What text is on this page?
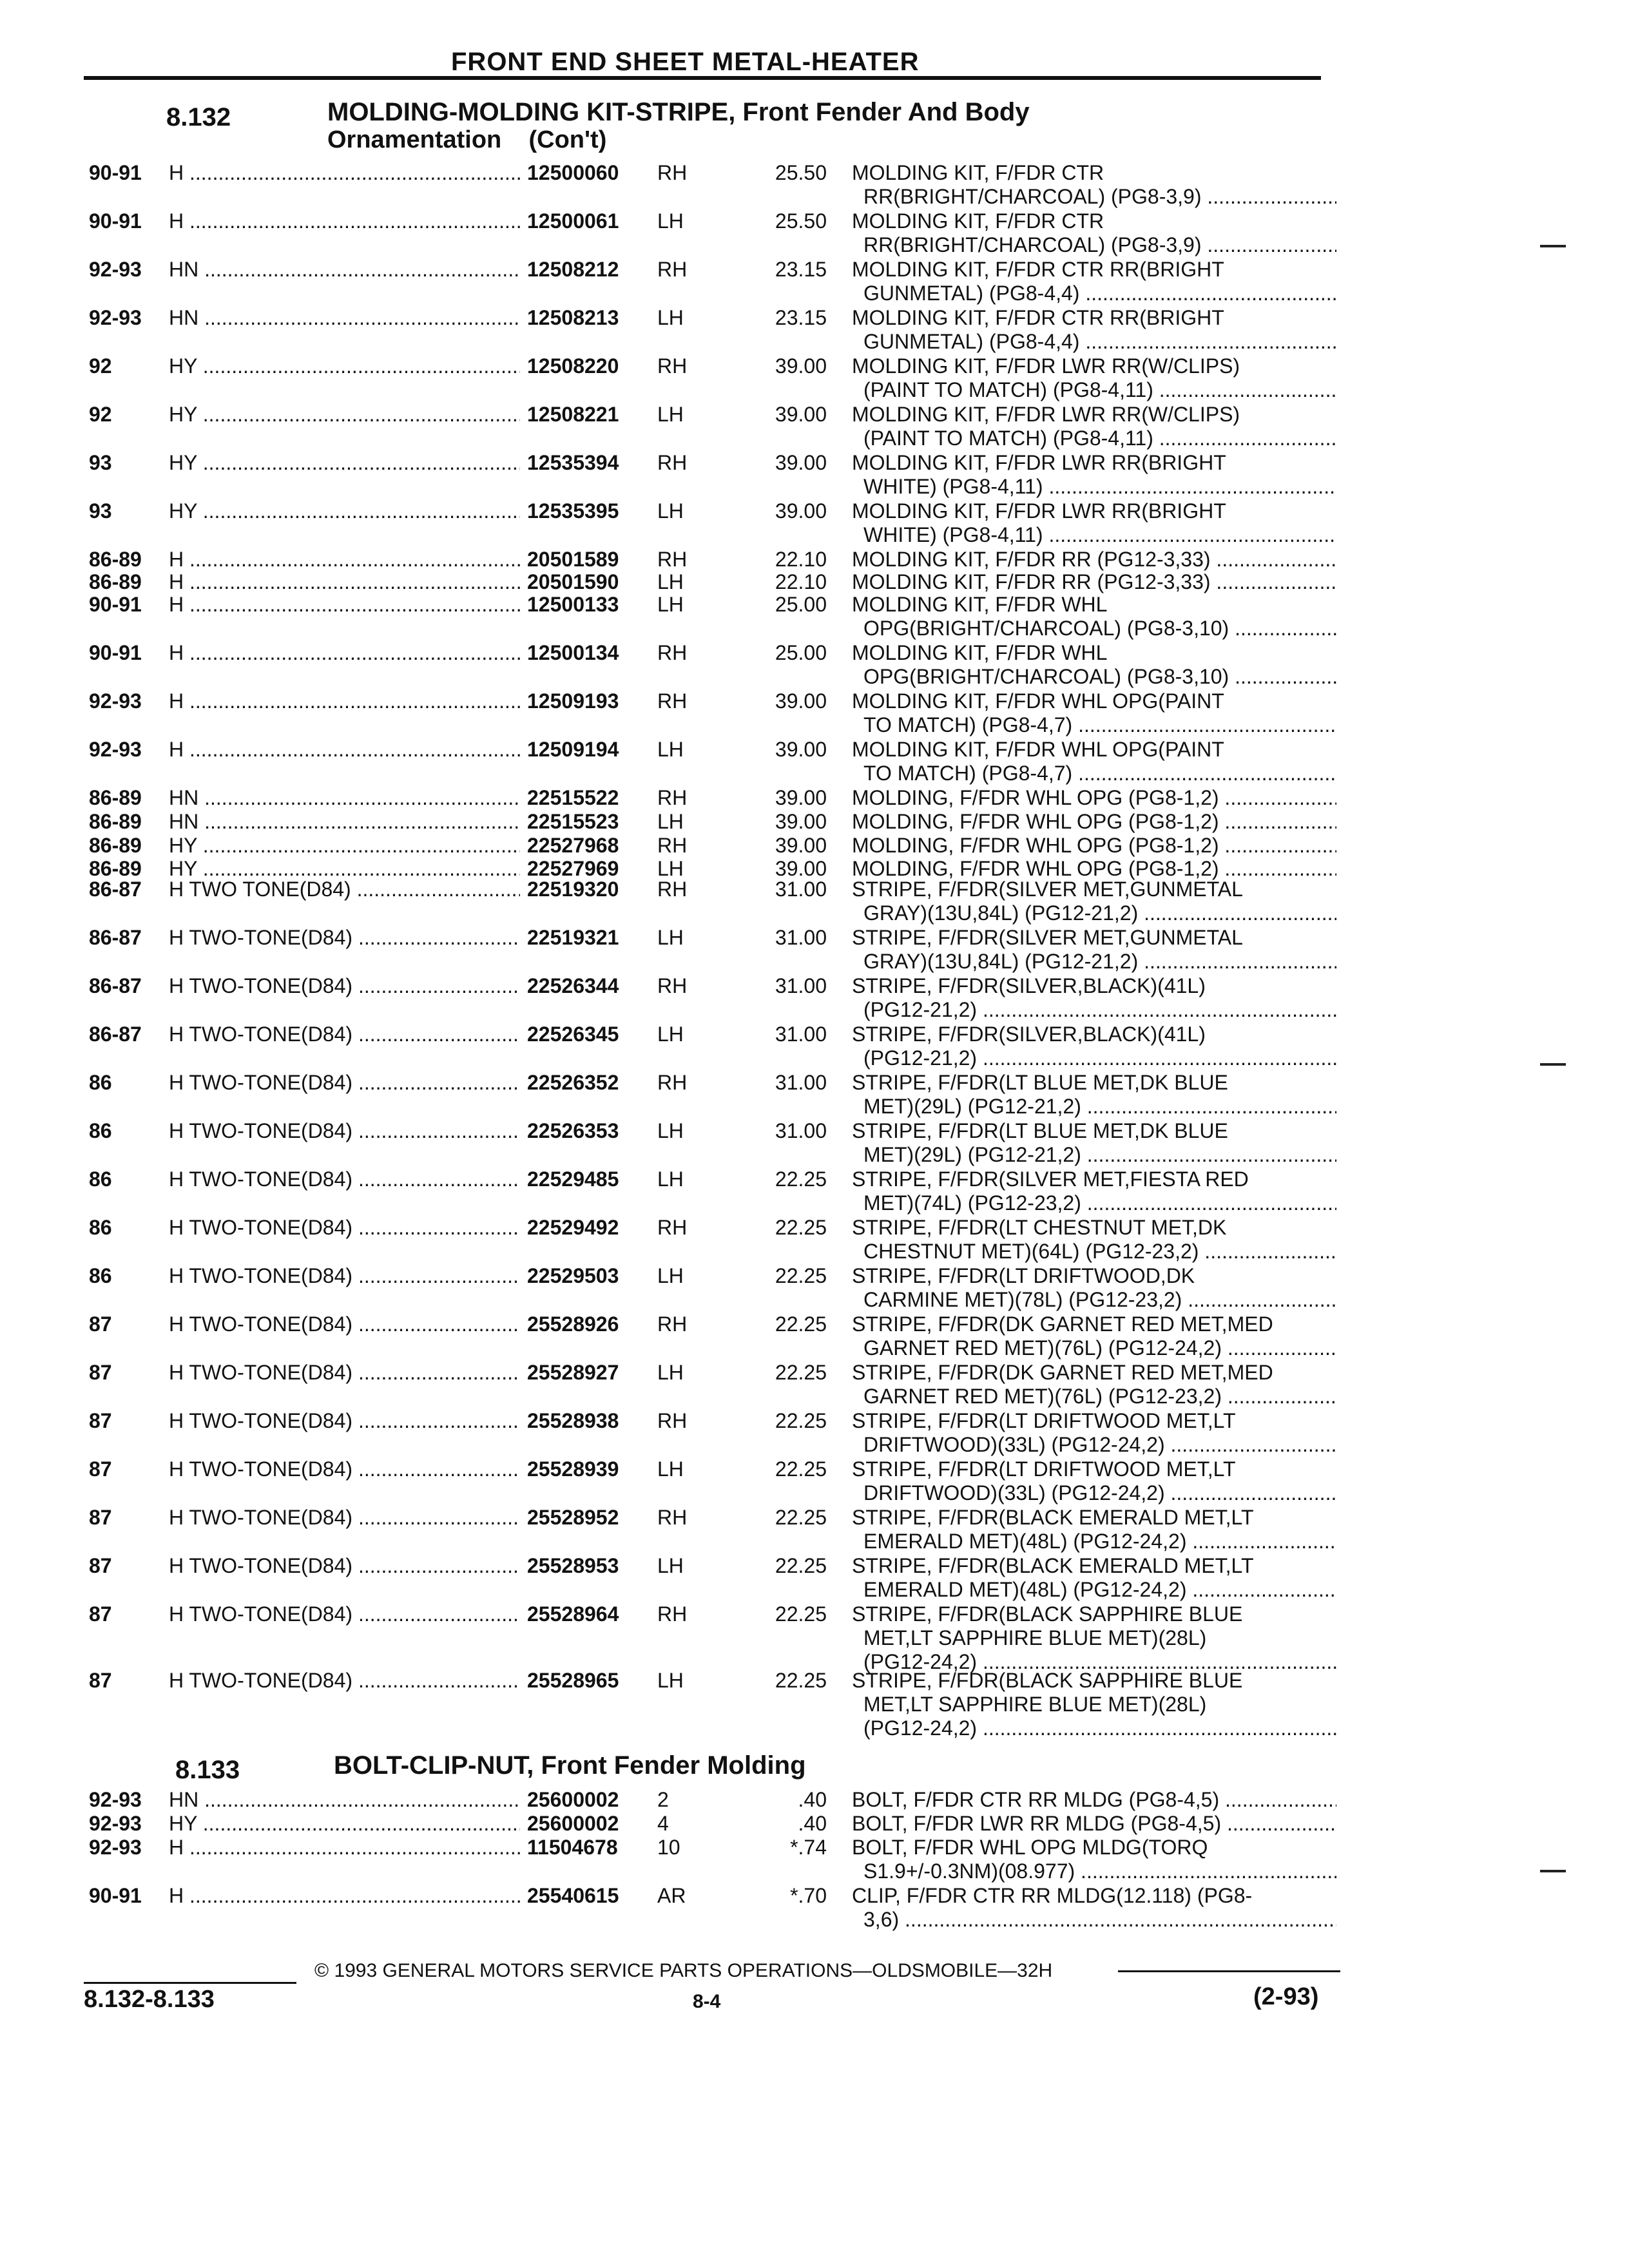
FRONT END SHEET METAL-HEATER
8.132	MOLDING-MOLDING KIT-STRIPE, Front Fender And Body
Ornamentation    (Con't)
90-91 H .....	12500060 RH	25.50 MOLDING KIT, F/FDR CTR
RR(BRIGHT/CHARCOAL) (PG8-3,9) .....
90-91 H .....	12500061 LH	25.50 MOLDING KIT, F/FDR CTR
RR(BRIGHT/CHARCOAL) (PG8-3,9) .....
92-93 HN .....	12508212 RH	23.15 MOLDING KIT, F/FDR CTR RR(BRIGHT
GUNMETAL) (PG8-4,4) .....
92-93 HN .....	12508213 LH	23.15 MOLDING KIT, F/FDR CTR RR(BRIGHT
GUNMETAL) (PG8-4,4) .....
92	HY .....	12508220 RH	39.00 MOLDING KIT, F/FDR LWR RR(W/CLIPS)
(PAINT TO MATCH) (PG8-4,11) .....
92	HY .....	12508221 LH	39.00 MOLDING KIT, F/FDR LWR RR(W/CLIPS)
(PAINT TO MATCH) (PG8-4,11) .....
93	HY .....	12535394 RH	39.00 MOLDING KIT, F/FDR LWR RR(BRIGHT
WHITE) (PG8-4,11) .....
93	HY .....	12535395 LH	39.00 MOLDING KIT, F/FDR LWR RR(BRIGHT
WHITE) (PG8-4,11) .....
86-89 H .....	20501589 RH	22.10 MOLDING KIT, F/FDR RR (PG12-3,33) .....
86-89 H .....	20501590 LH	22.10 MOLDING KIT, F/FDR RR (PG12-3,33) .....
90-91 H .....	12500133 LH	25.00 MOLDING KIT, F/FDR WHL
OPG(BRIGHT/CHARCOAL) (PG8-3,10) .....
90-91 H .....	12500134 RH	25.00 MOLDING KIT, F/FDR WHL
OPG(BRIGHT/CHARCOAL) (PG8-3,10) .....
92-93 H .....	12509193 RH	39.00 MOLDING KIT, F/FDR WHL OPG(PAINT
TO MATCH) (PG8-4,7) .....
92-93 H .....	12509194 LH	39.00 MOLDING KIT, F/FDR WHL OPG(PAINT
TO MATCH) (PG8-4,7) .....
86-89 HN .....	22515522 RH	39.00 MOLDING, F/FDR WHL OPG (PG8-1,2) .....
86-89 HN .....	22515523 LH	39.00 MOLDING, F/FDR WHL OPG (PG8-1,2) .....
86-89 HY .....	22527968 RH	39.00 MOLDING, F/FDR WHL OPG (PG8-1,2) .....
86-89 HY .....	22527969 LH	39.00 MOLDING, F/FDR WHL OPG (PG8-1,2) .....
86-87 H TWO TONE(D84) .....	22519320 RH	31.00 STRIPE, F/FDR(SILVER MET,GUNMETAL
GRAY)(13U,84L) (PG12-21,2) .....
86-87 H TWO-TONE(D84) .....	22519321 LH	31.00 STRIPE, F/FDR(SILVER MET,GUNMETAL
GRAY)(13U,84L) (PG12-21,2) .....
86-87 H TWO-TONE(D84) .....	22526344 RH	31.00 STRIPE, F/FDR(SILVER,BLACK)(41L)
(PG12-21,2) .....
86-87 H TWO-TONE(D84) .....	22526345 LH	31.00 STRIPE, F/FDR(SILVER,BLACK)(41L)
(PG12-21,2) .....
86	H TWO-TONE(D84) .....	22526352 RH	31.00 STRIPE, F/FDR(LT BLUE MET,DK BLUE
MET)(29L) (PG12-21,2) .....
86	H TWO-TONE(D84) .....	22526353 LH	31.00 STRIPE, F/FDR(LT BLUE MET,DK BLUE
MET)(29L) (PG12-21,2) .....
86	H TWO-TONE(D84) .....	22529485 LH	22.25 STRIPE, F/FDR(SILVER MET,FIESTA RED
MET)(74L) (PG12-23,2) .....
86	H TWO-TONE(D84) .....	22529492 RH	22.25 STRIPE, F/FDR(LT CHESTNUT MET,DK
CHESTNUT MET)(64L) (PG12-23,2) .....
86	H TWO-TONE(D84) .....	22529503 LH	22.25 STRIPE, F/FDR(LT DRIFTWOOD,DK
CARMINE MET)(78L) (PG12-23,2) .....
87	H TWO-TONE(D84) .....	25528926 RH	22.25 STRIPE, F/FDR(DK GARNET RED MET,MED
GARNET RED MET)(76L) (PG12-24,2) .....
87	H TWO-TONE(D84) .....	25528927 LH	22.25 STRIPE, F/FDR(DK GARNET RED MET,MED
GARNET RED MET)(76L) (PG12-23,2) .....
87	H TWO-TONE(D84) .....	25528938 RH	22.25 STRIPE, F/FDR(LT DRIFTWOOD MET,LT
DRIFTWOOD)(33L) (PG12-24,2) .....
87	H TWO-TONE(D84) .....	25528939 LH	22.25 STRIPE, F/FDR(LT DRIFTWOOD MET,LT
DRIFTWOOD)(33L) (PG12-24,2) .....
87	H TWO-TONE(D84) .....	25528952 RH	22.25 STRIPE, F/FDR(BLACK EMERALD MET,LT
EMERALD MET)(48L) (PG12-24,2) .....
87	H TWO-TONE(D84) .....	25528953 LH	22.25 STRIPE, F/FDR(BLACK EMERALD MET,LT
EMERALD MET)(48L) (PG12-24,2) .....
87	H TWO-TONE(D84) .....	25528964 RH	22.25 STRIPE, F/FDR(BLACK SAPPHIRE BLUE
MET,LT SAPPHIRE BLUE MET)(28L)
(PG12-24,2) .....
87	H TWO-TONE(D84) .....	25528965 LH	22.25 STRIPE, F/FDR(BLACK SAPPHIRE BLUE
MET,LT SAPPHIRE BLUE MET)(28L)
(PG12-24,2) .....
8.133	BOLT-CLIP-NUT, Front Fender Molding
92-93 HN .....	25600002 2	.40 BOLT, F/FDR CTR RR MLDG (PG8-4,5) .....
92-93 HY .....	25600002 4	.40 BOLT, F/FDR LWR RR MLDG (PG8-4,5) .....
92-93 H .....	11504678 10	*.74 BOLT, F/FDR WHL OPG MLDG(TORQ
S1.9+/-0.3NM)(08.977) .....
90-91 H .....	25540615 AR	*.70 CLIP, F/FDR CTR RR MLDG(12.118) (PG8-
3,6) .....
© 1993 GENERAL MOTORS SERVICE PARTS OPERATIONS—OLDSMOBILE—32H
8.132-8.133	8-4	(2-93)
